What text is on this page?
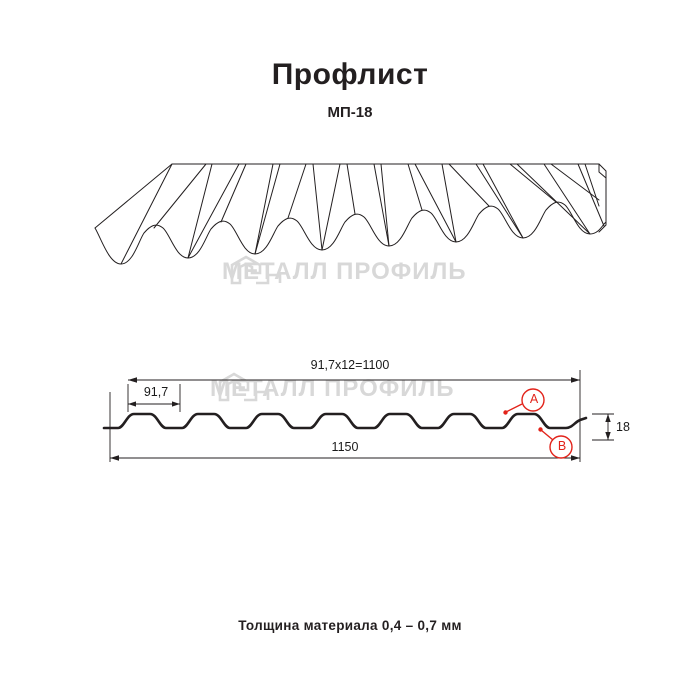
Профлист
МП-18
МЕТАЛЛ ПРОФИЛЬ
МЕТАЛЛ ПРОФИЛЬ
91,7х12=1100
91,7
1150
18
A
B
Толщина материала 0,4 – 0,7 мм
